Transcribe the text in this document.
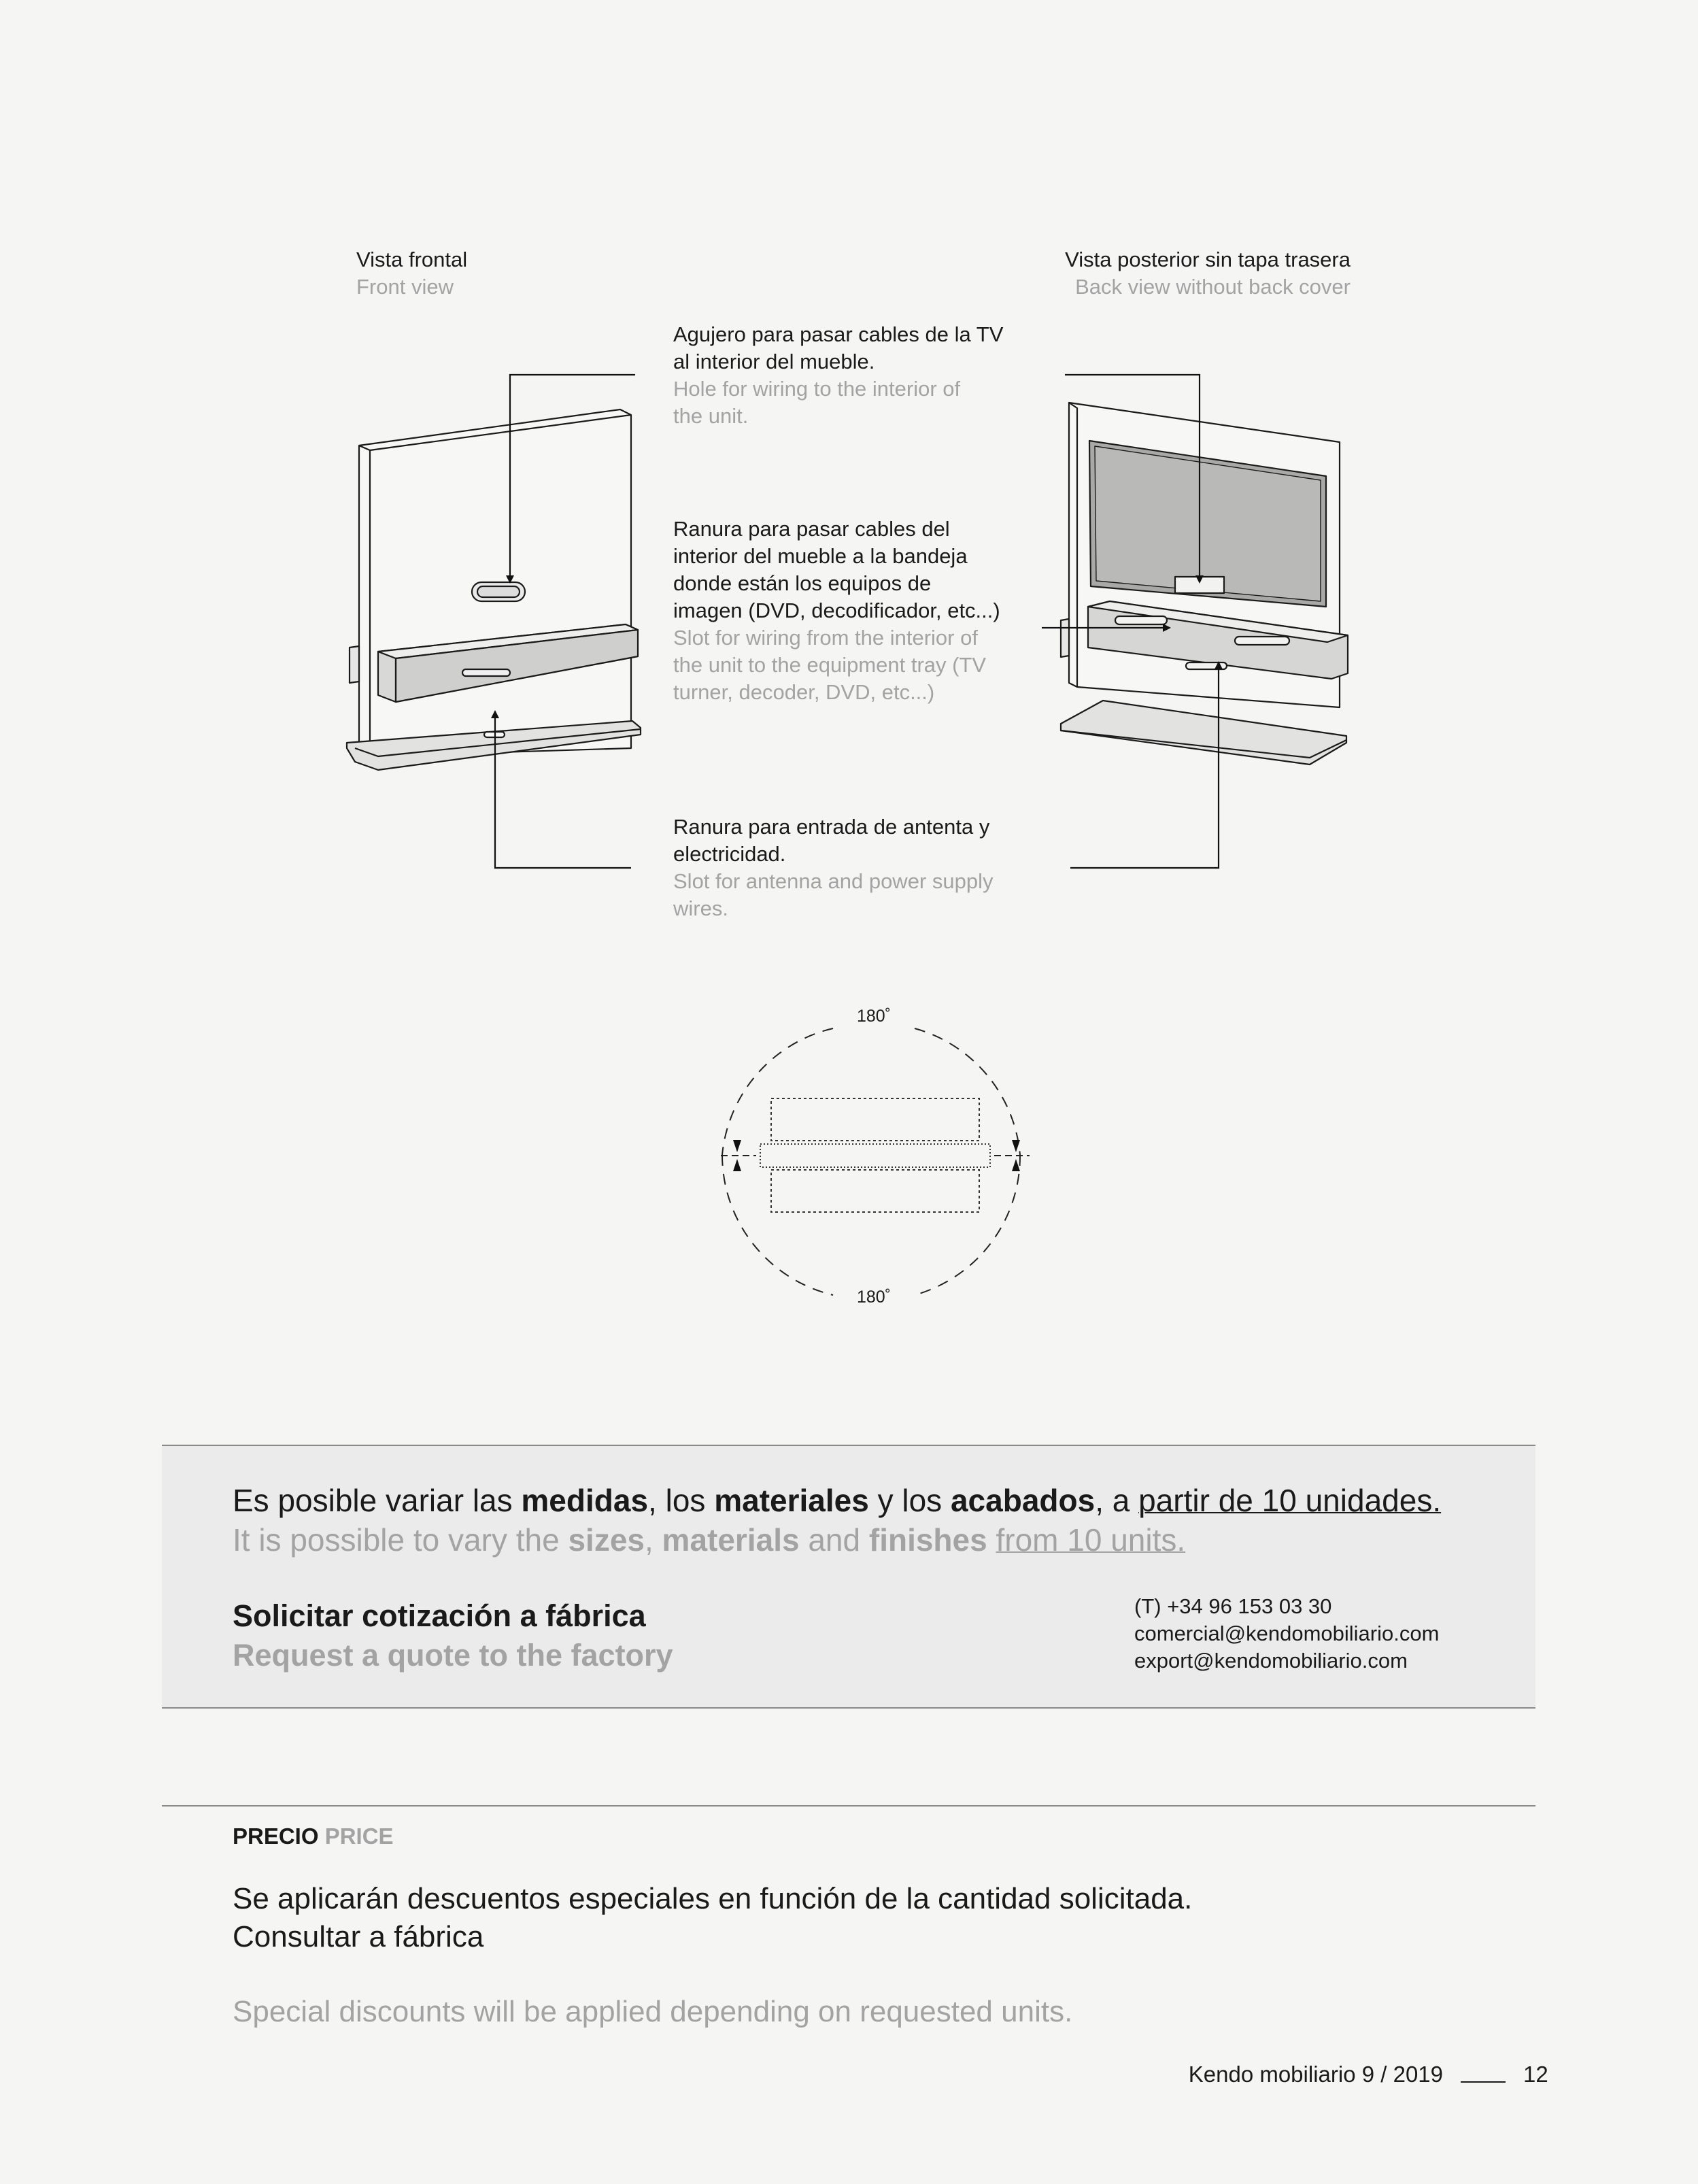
Vista frontal
Front view
Vista posterior sin tapa trasera
Back view without back cover
Agujero para pasar cables de la TV
al interior del mueble.
Hole for wiring to the interior of
the unit.
Ranura para pasar cables del
interior del mueble a la bandeja
donde están los equipos de
imagen (DVD, decodificador, etc...)
Slot for wiring from the interior of
the unit to the equipment tray (TV
turner, decoder, DVD, etc...)
Ranura para entrada de antenta y
electricidad.
Slot for antenna and power supply
wires.
180˚
180˚
Es posible variar las medidas, los materiales y los acabados, a partir de 10 unidades.
It is possible to vary the sizes, materials and finishes from 10 units.
Solicitar cotización a fábrica
Request a quote to the factory
(T) +34 96 153 03 30
comercial@kendomobiliario.com
export@kendomobiliario.com
PRECIO PRICE
Se aplicarán descuentos especiales en función de la cantidad solicitada.
Consultar a fábrica
Special discounts will be applied depending on requested units.
Kendo mobiliario 9 / 2019	12
